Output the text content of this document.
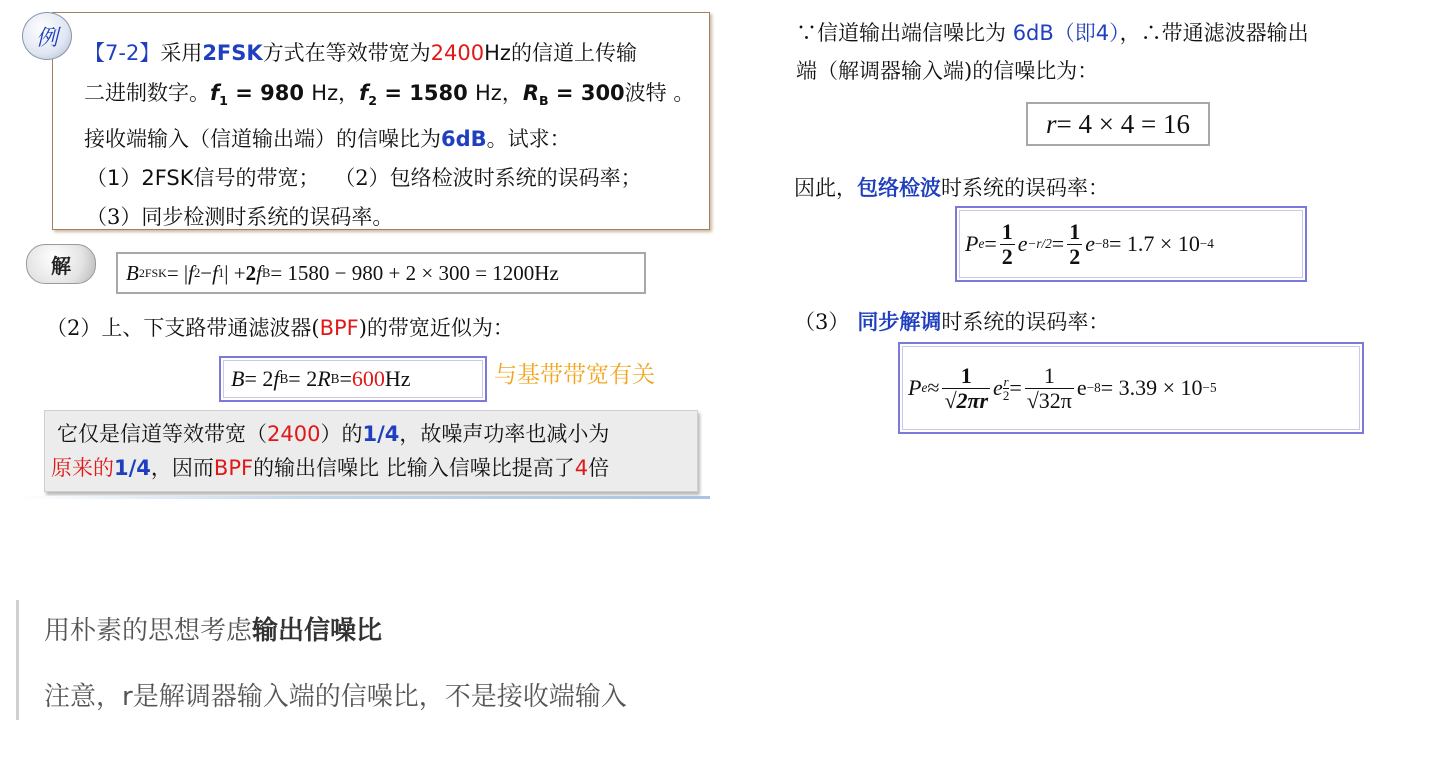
例
【7-2】采用2FSK方式在等效带宽为2400Hz的信道上传输
二进制数字。$f_1 = 980$ Hz，$f_2 = 1580$ Hz，$R_B = 300$波特 。
接收端输入（信道输出端）的信噪比为6dB。试求：
（1）2FSK信号的带宽； （2）包络检波时系统的误码率；
（3）同步检测时系统的误码率。
解	B 2FSK = | f 2 − f 1 | + 2 f B = 1580 − 980 + 2 × 300 = 1200Hz
（2）上、下支路带通滤波器(BPF)的带宽近似为：
B = 2 f B = 2 R B = 600 Hz	与基带带宽有关
它仅是信道等效带宽（2400）的1/4，故噪声功率也减小为
原来的1/4，因而BPF的输出信噪比 比输入信噪比提高了4倍
∵信道输出端信噪比为 6dB（即4），∴带通滤波器输出
端（解调器输入端)的信噪比为：
r = 4 × 4 = 16
因此，包络检波时系统的误码率：
P $e = \frac{1}{2}$ $e -r/2 = \frac{1}{2}$ e −8 = 1.7 × 10 −4
（3） 同步解调时系统的误码率：
P $e \approx \frac{1}{√2\pi r}$ e $\frac{r}{2} = \frac{1}{√32\pi}$ e −8 = 3.39 × 10 −5
用朴素的思想考虑输出信噪比
注意，r是解调器输入端的信噪比，不是接收端输入
